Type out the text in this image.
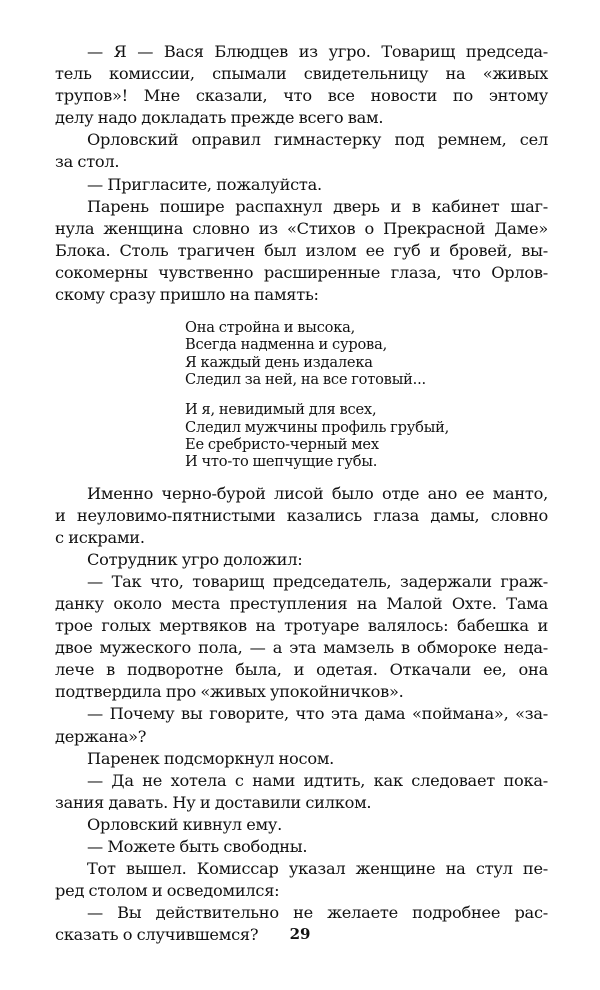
— Я — Вася Блюдцев из угро. Товарищ председа-
тель комиссии, спымали свидетельницу на «живых
трупов»! Мне сказали, что все новости по энтому
делу надо докладать прежде всего вам.
Орловский оправил гимнастерку под ремнем, сел
за стол.
— Пригласите, пожалуйста.
Парень пошире распахнул дверь и в кабинет шаг-
нула женщина словно из «Стихов о Прекрасной Даме»
Блока. Столь трагичен был излом ее губ и бровей, вы-
сокомерны чувственно расширенные глаза, что Орлов-
скому сразу пришло на память:
Она стройна и высока,
Всегда надменна и сурова,
Я каждый день издалека
Следил за ней, на все готовый...
И я, невидимый для всех,
Следил мужчины профиль грубый,
Ее сребристо-черный мех
И что-то шепчущие губы.
Именно черно-бурой лисой было отде ано ее манто,
и неуловимо-пятнистыми казались глаза дамы, словно
с искрами.
Сотрудник угро доложил:
— Так что, товарищ председатель, задержали граж-
данку около места преступления на Малой Охте. Тама
трое голых мертвяков на тротуаре валялось: бабешка и
двое мужеского пола, — а эта мамзель в обмороке неда-
лече в подворотне была, и одетая. Откачали ее, она
подтвердила про «живых упокойничков».
— Почему вы говорите, что эта дама «поймана», «за-
держана»?
Паренек подсморкнул носом.
— Да не хотела с нами идтить, как следовает пока-
зания давать. Ну и доставили силком.
Орловский кивнул ему.
— Можете быть свободны.
Тот вышел. Комиссар указал женщине на стул пе-
ред столом и осведомился:
— Вы действительно не желаете подробнее рас-
сказать о случившемся?	29
